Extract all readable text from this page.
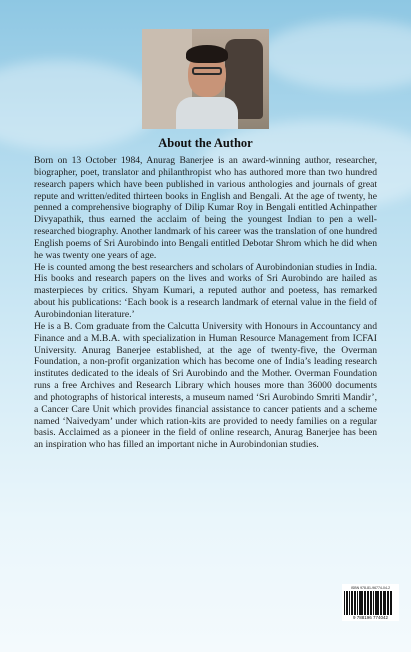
About the Author

Born on 13 October 1984, Anurag Banerjee is an award-winning author, researcher, biographer, poet, translator and philanthropist who has authored more than two hundred research papers which have been published in various anthologies and journals of great repute and written/edited thirteen books in English and Bengali. At the age of twenty, he penned a comprehensive biography of Dilip Kumar Roy in Bengali entitled Achinpather Divyapathik, thus earned the acclaim of being the youngest Indian to pen a well-researched biography. Another landmark of his career was the translation of one hundred English poems of Sri Aurobindo into Bengali entitled Debotar Shrom which he did when he was twenty one years of age.

He is counted among the best researchers and scholars of Aurobindonian studies in India. His books and research papers on the lives and works of Sri Aurobindo are hailed as masterpieces by critics. Shyam Kumari, a reputed author and poetess, has remarked about his publications: ‘Each book is a research landmark of eternal value in the field of Aurobindonian literature.’

He is a B. Com graduate from the Calcutta University with Honours in Accountancy and Finance and a M.B.A. with specialization in Human Resource Management from ICFAI University. Anurag Banerjee established, at the age of twenty-five, the Overman Foundation, a non-profit organization which has become one of India’s leading research institutes dedicated to the ideals of Sri Aurobindo and the Mother. Overman Foundation runs a free Archives and Research Library which houses more than 36000 documents and photographs of historical interests, a museum named ‘Sri Aurobindo Smriti Mandir’, a Cancer Care Unit which provides financial assistance to cancer patients and a scheme named ‘Naivedyam’ under which ration-kits are provided to needy families on a regular basis. Acclaimed as a pioneer in the field of online research, Anurag Banerjee has been an inspiration who has filled an important niche in Aurobindonian studies.

ISBN 978-81-96774-04-2
9 788196 774042
